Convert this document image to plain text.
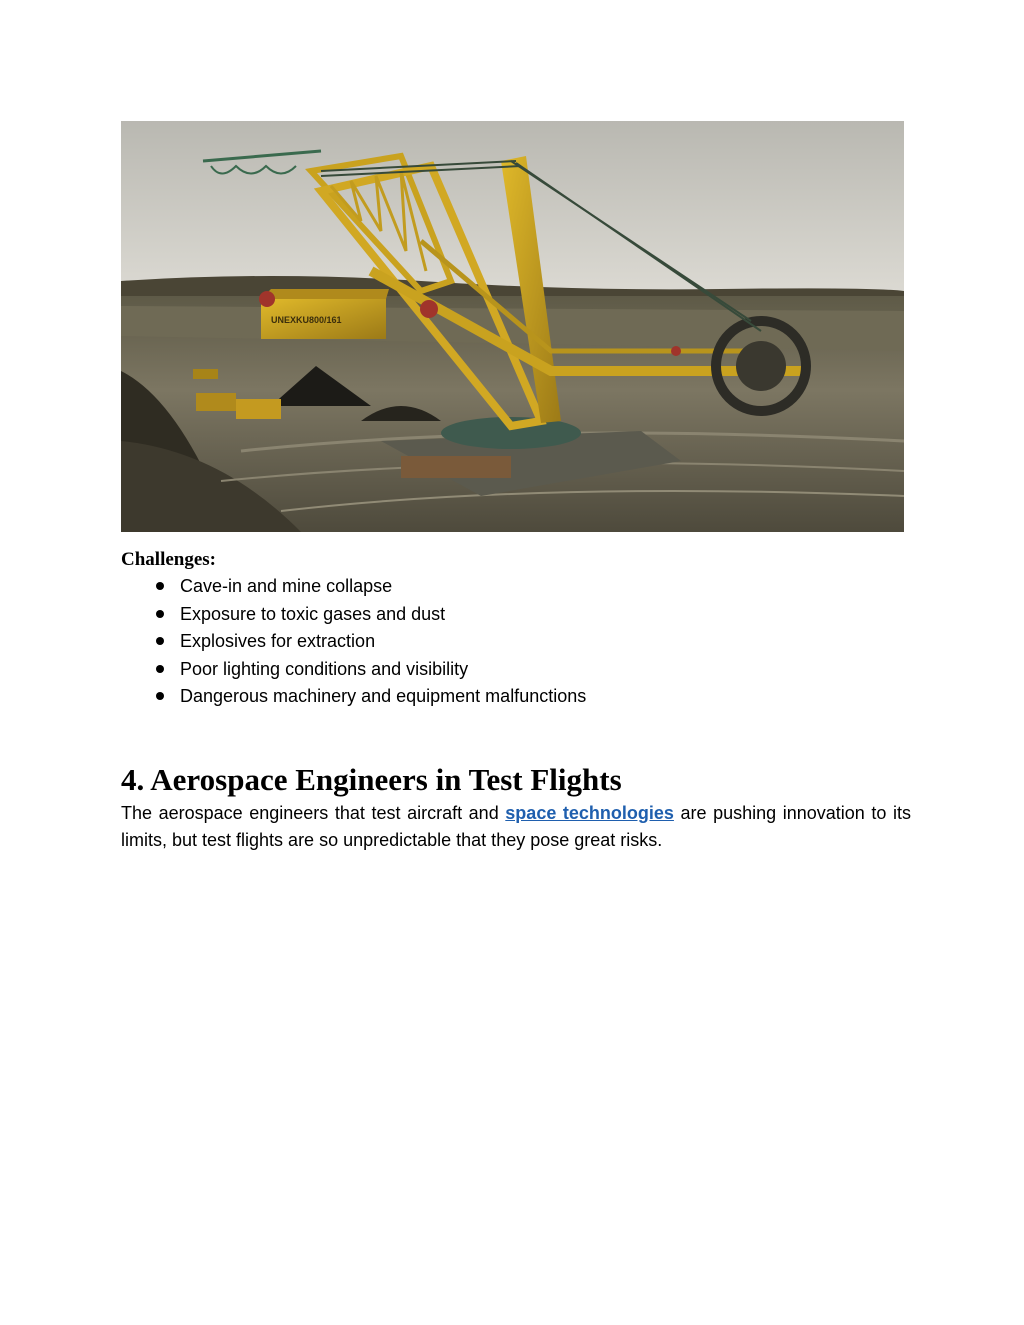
UNEXKU800/161
Challenges:
Cave-in and mine collapse
Exposure to toxic gases and dust
Explosives for extraction
Poor lighting conditions and visibility
Dangerous machinery and equipment malfunctions
4. Aerospace Engineers in Test Flights

The aerospace engineers that test aircraft and space technologies are pushing innovation to its limits, but test flights are so unpredictable that they pose great risks.
